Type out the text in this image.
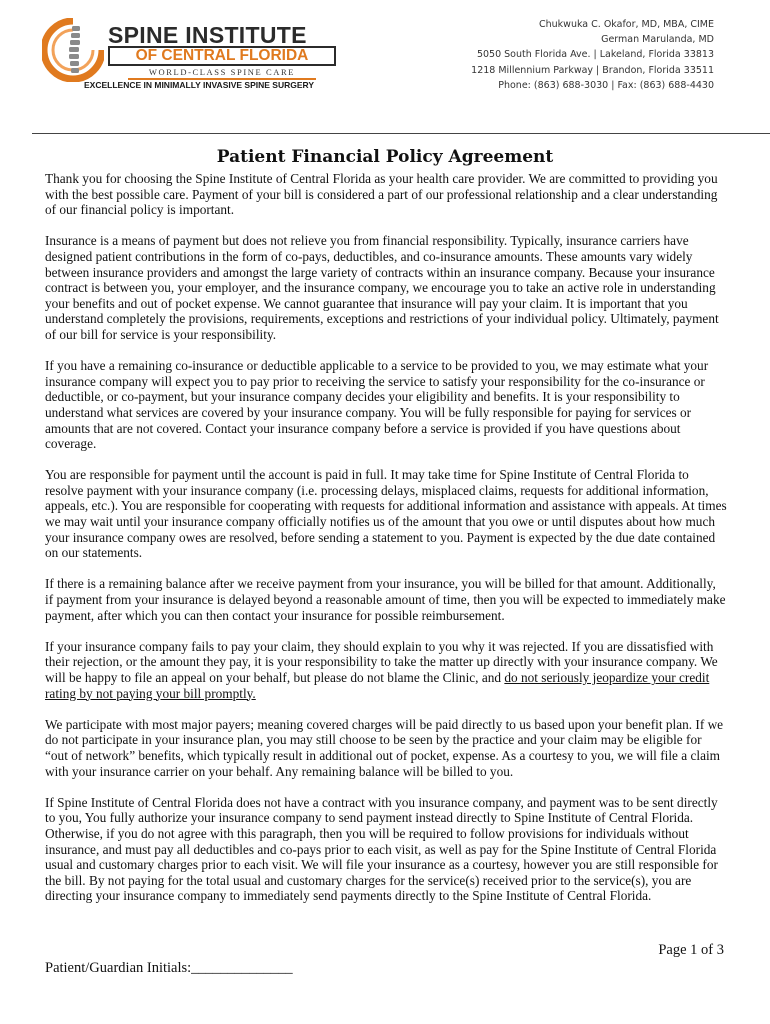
SPINE INSTITUTE
OF CENTRAL FLORIDA
WORLD-CLASS SPINE CARE
EXCELLENCE IN MINIMALLY INVASIVE SPINE SURGERY
Chukwuka C. Okafor, MD, MBA, CIME
German Marulanda, MD
5050 South Florida Ave. | Lakeland, Florida 33813
1218 Millennium Parkway | Brandon, Florida 33511
Phone: (863) 688-3030 | Fax: (863) 688-4430
Patient Financial Policy Agreement

Thank you for choosing the Spine Institute of Central Florida as your health care provider. We are committed to providing you with the best possible care. Payment of your bill is considered a part of our professional relationship and a clear understanding of our financial policy is important.

Insurance is a means of payment but does not relieve you from financial responsibility. Typically, insurance carriers have designed patient contributions in the form of co-pays, deductibles, and co-insurance amounts. These amounts vary widely between insurance providers and amongst the large variety of contracts within an insurance company. Because your insurance contract is between you, your employer, and the insurance company, we encourage you to take an active role in understanding your benefits and out of pocket expense. We cannot guarantee that insurance will pay your claim. It is important that you understand completely the provisions, requirements, exceptions and restrictions of your individual policy. Ultimately, payment of our bill for service is your responsibility.

If you have a remaining co-insurance or deductible applicable to a service to be provided to you, we may estimate what your insurance company will expect you to pay prior to receiving the service to satisfy your responsibility for the co-insurance or deductible, or co-payment, but your insurance company decides your eligibility and benefits. It is your responsibility to understand what services are covered by your insurance company. You will be fully responsible for paying for services or amounts that are not covered. Contact your insurance company before a service is provided if you have questions about coverage.

You are responsible for payment until the account is paid in full. It may take time for Spine Institute of Central Florida to resolve payment with your insurance company (i.e. processing delays, misplaced claims, requests for additional information, appeals, etc.). You are responsible for cooperating with requests for additional information and assistance with appeals. At times we may wait until your insurance company officially notifies us of the amount that you owe or until disputes about how much your insurance company owes are resolved, before sending a statement to you. Payment is expected by the due date contained on our statements.

If there is a remaining balance after we receive payment from your insurance, you will be billed for that amount. Additionally, if payment from your insurance is delayed beyond a reasonable amount of time, then you will be expected to immediately make payment, after which you can then contact your insurance for possible reimbursement.

If your insurance company fails to pay your claim, they should explain to you why it was rejected. If you are dissatisfied with their rejection, or the amount they pay, it is your responsibility to take the matter up directly with your insurance company. We will be happy to file an appeal on your behalf, but please do not blame the Clinic, and do not seriously jeopardize your credit rating by not paying your bill promptly.

We participate with most major payers; meaning covered charges will be paid directly to us based upon your benefit plan. If we do not participate in your insurance plan, you may still choose to be seen by the practice and your claim may be eligible for “out of network” benefits, which typically result in additional out of pocket, expense. As a courtesy to you, we will file a claim with your insurance carrier on your behalf. Any remaining balance will be billed to you.

If Spine Institute of Central Florida does not have a contract with you insurance company, and payment was to be sent directly to you, You fully authorize your insurance company to send payment instead directly to Spine Institute of Central Florida. Otherwise, if you do not agree with this paragraph, then you will be required to follow provisions for individuals without insurance, and must pay all deductibles and co-pays prior to each visit, as well as pay for the Spine Institute of Central Florida usual and customary charges prior to each visit. We will file your insurance as a courtesy, however you are still responsible for the bill. By not paying for the total usual and customary charges for the service(s) received prior to the service(s), you are directing your insurance company to immediately send payments directly to the Spine Institute of Central Florida.

Page 1 of 3
Patient/Guardian Initials:______________
